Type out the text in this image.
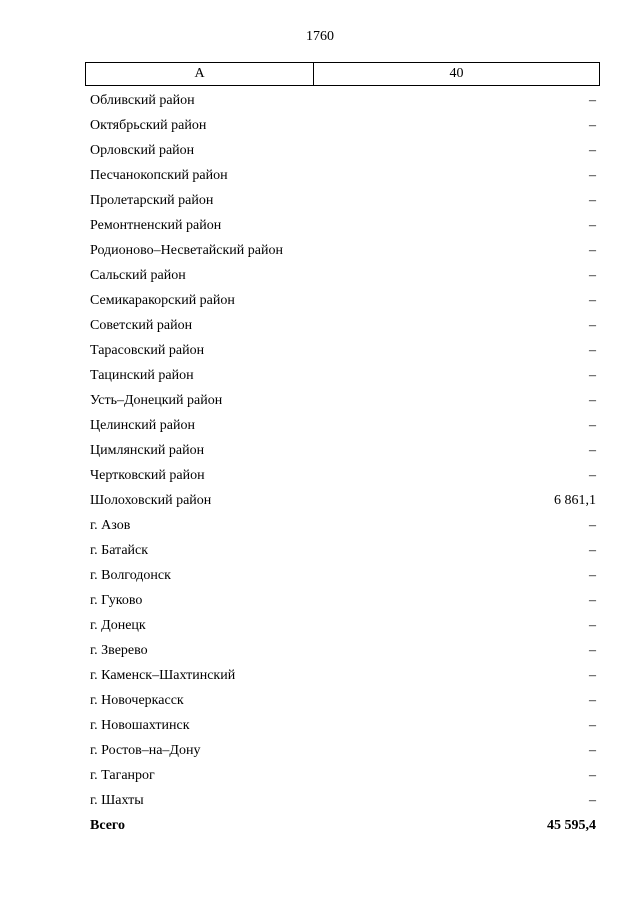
1760
А	40
Обливский район	–
Октябрьский район	–
Орловский район	–
Песчанокопский район	–
Пролетарский район	–
Ремонтненский район	–
Родионово–Несветайский район	–
Сальский район	–
Семикаракорский район	–
Советский район	–
Тарасовский район	–
Тацинский район	–
Усть–Донецкий район	–
Целинский район	–
Цимлянский район	–
Чертковский район	–
Шолоховский район	6 861,1
г. Азов	–
г. Батайск	–
г. Волгодонск	–
г. Гуково	–
г. Донецк	–
г. Зверево	–
г. Каменск–Шахтинский	–
г. Новочеркасск	–
г. Новошахтинск	–
г. Ростов–на–Дону	–
г. Таганрог	–
г. Шахты	–
Всего	45 595,4
